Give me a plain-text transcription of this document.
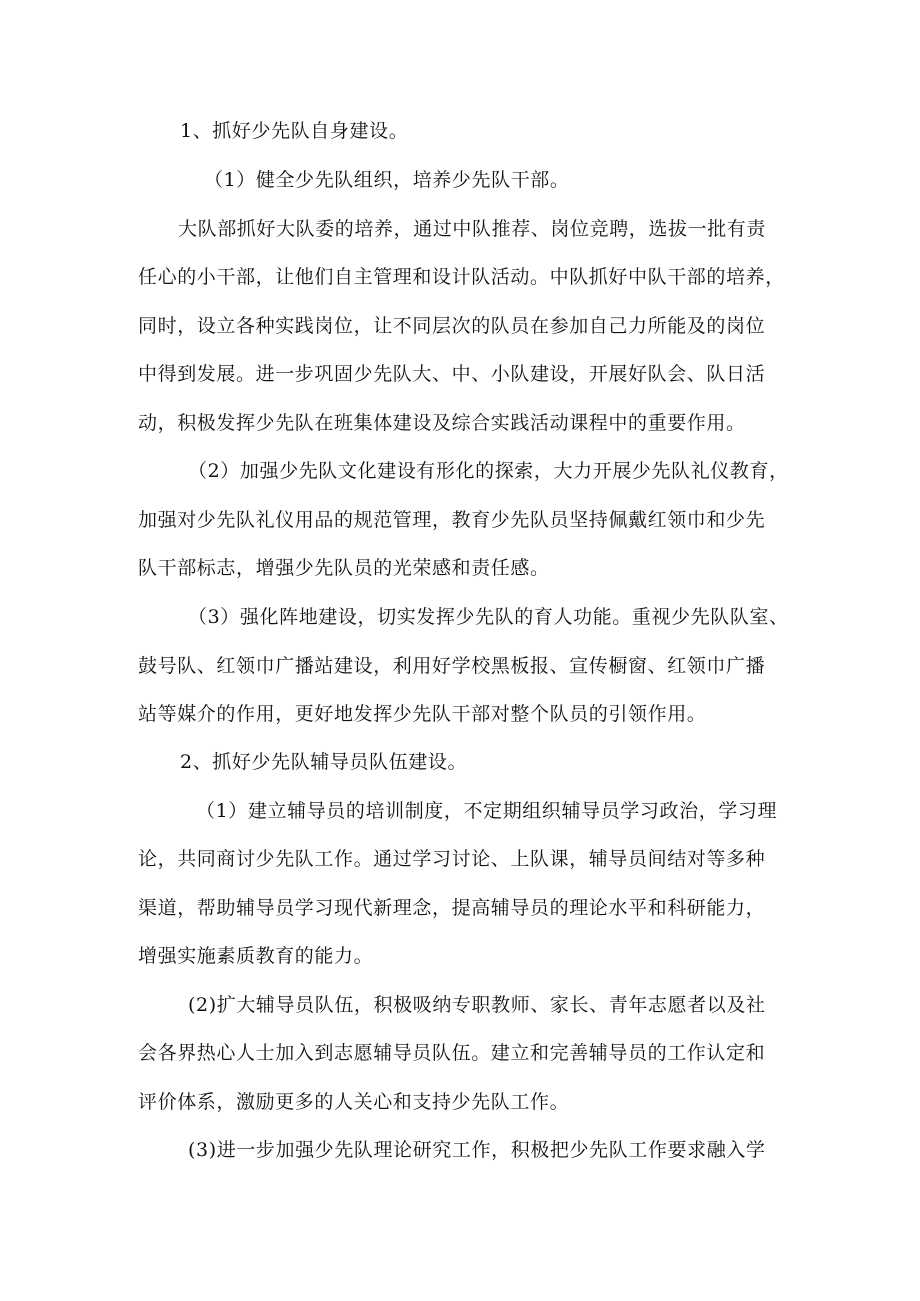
1、抓好少先队自身建设。
（1）健全少先队组织，培养少先队干部。
大队部抓好大队委的培养，通过中队推荐、岗位竞聘，选拔一批有责
任心的小干部，让他们自主管理和设计队活动。中队抓好中队干部的培养，
同时，设立各种实践岗位，让不同层次的队员在参加自己力所能及的岗位
中得到发展。进一步巩固少先队大、中、小队建设，开展好队会、队日活
动，积极发挥少先队在班集体建设及综合实践活动课程中的重要作用。
（2）加强少先队文化建设有形化的探索，大力开展少先队礼仪教育，
加强对少先队礼仪用品的规范管理，教育少先队员坚持佩戴红领巾和少先
队干部标志，增强少先队员的光荣感和责任感。
（3）强化阵地建设，切实发挥少先队的育人功能。重视少先队队室、
鼓号队、红领巾广播站建设，利用好学校黑板报、宣传橱窗、红领巾广播
站等媒介的作用，更好地发挥少先队干部对整个队员的引领作用。
2、抓好少先队辅导员队伍建设。
（1）建立辅导员的培训制度，不定期组织辅导员学习政治，学习理
论，共同商讨少先队工作。通过学习讨论、上队课，辅导员间结对等多种
渠道，帮助辅导员学习现代新理念，提高辅导员的理论水平和科研能力，
增强实施素质教育的能力。
(2)扩大辅导员队伍，积极吸纳专职教师、家长、青年志愿者以及社
会各界热心人士加入到志愿辅导员队伍。建立和完善辅导员的工作认定和
评价体系，激励更多的人关心和支持少先队工作。
(3)进一步加强少先队理论研究工作，积极把少先队工作要求融入学
